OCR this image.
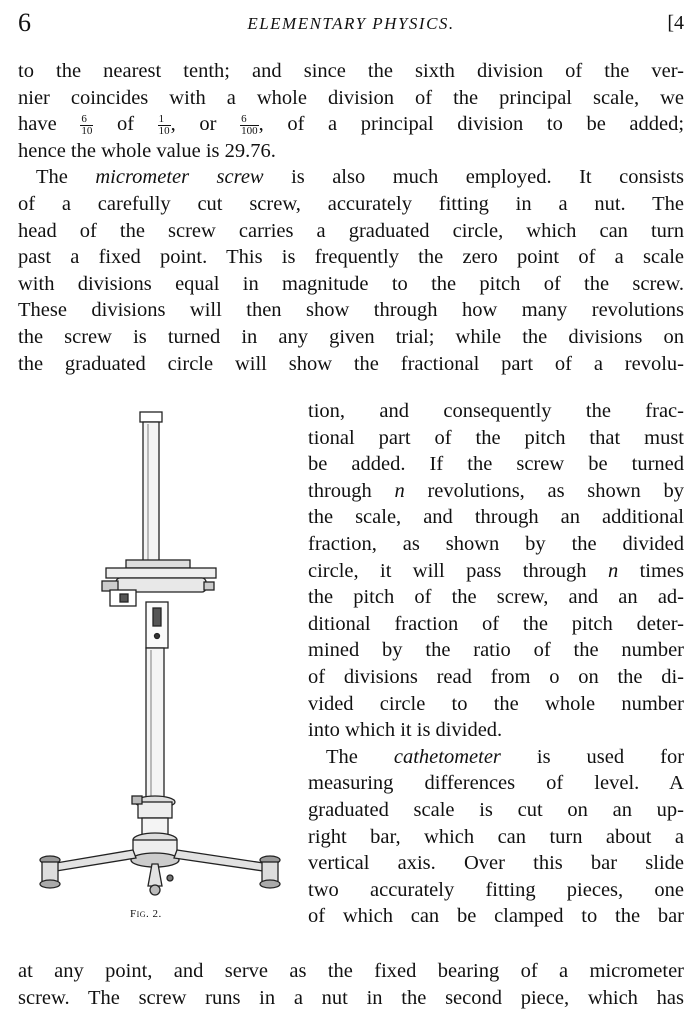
6	ELEMENTARY PHYSICS.	[4
to the nearest tenth; and since the sixth division of the ver-
nier coincides with a whole division of the principal scale, we
have $\frac{6}{10}$ of $\frac{1}{10}$ , or $\frac{6}{100}$ , of a principal division to be added;
hence the whole value is 29.76.
The micrometer screw is also much employed. It consists
of a carefully cut screw, accurately fitting in a nut. The
head of the screw carries a graduated circle, which can turn
past a fixed point. This is frequently the zero point of a scale
with divisions equal in magnitude to the pitch of the screw.
These divisions will then show through how many revolutions
the screw is turned in any given trial; while the divisions on
the graduated circle will show the fractional part of a revolu-
Fig. 2.
tion, and consequently the frac-
tional part of the pitch that must
be added. If the screw be turned
through n revolutions, as shown by
the scale, and through an additional
fraction, as shown by the divided
circle, it will pass through n times
the pitch of the screw, and an ad-
ditional fraction of the pitch deter-
mined by the ratio of the number
of divisions read from o on the di-
vided circle to the whole number
into which it is divided.
The cathetometer is used for
measuring differences of level. A
graduated scale is cut on an up-
right bar, which can turn about a
vertical axis. Over this bar slide
two accurately fitting pieces, one
of which can be clamped to the bar
at any point, and serve as the fixed bearing of a micrometer
screw. The screw runs in a nut in the second piece, which has
